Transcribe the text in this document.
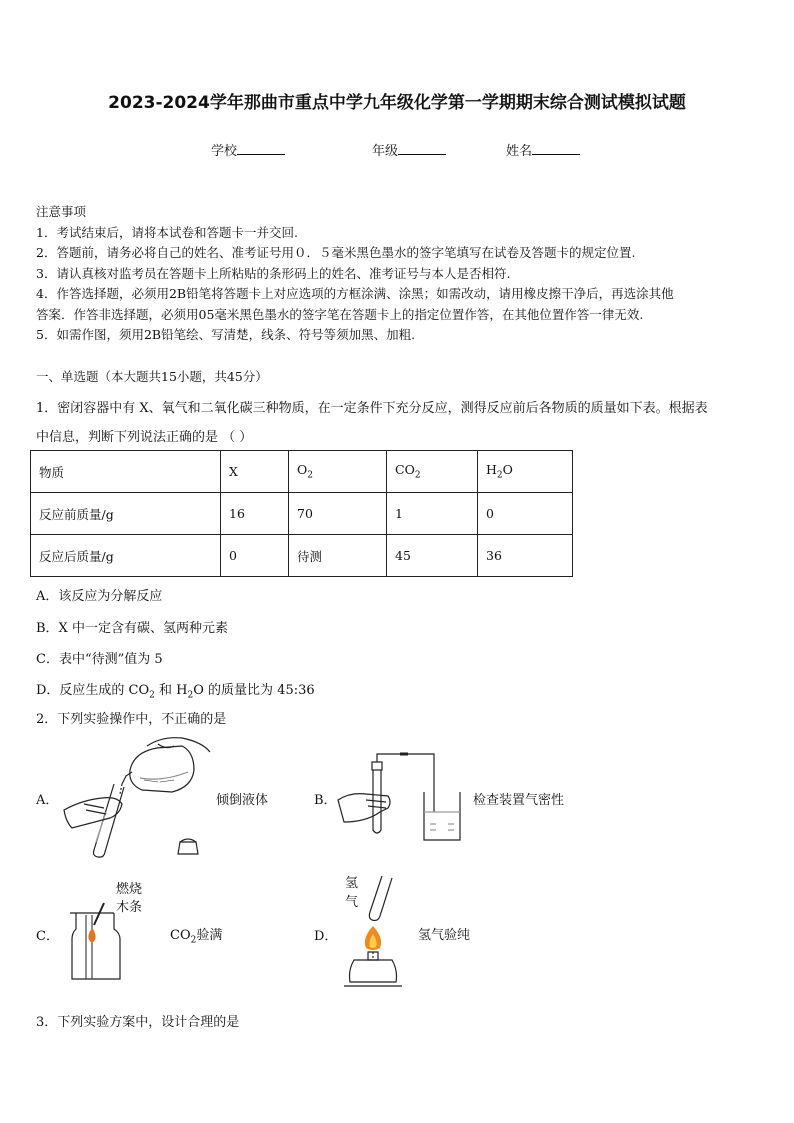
2023-2024学年那曲市重点中学九年级化学第一学期期末综合测试模拟试题
学校	年级	姓名
注意事项
1．考试结束后，请将本试卷和答题卡一并交回.
2．答题前，请务必将自己的姓名、准考证号用０．５毫米黑色墨水的签字笔填写在试卷及答题卡的规定位置.
3．请认真核对监考员在答题卡上所粘贴的条形码上的姓名、准考证号与本人是否相符.
4．作答选择题，必须用2B铅笔将答题卡上对应选项的方框涂满、涂黑；如需改动，请用橡皮擦干净后，再选涂其他
答案．作答非选择题，必须用05毫米黑色墨水的签字笔在答题卡上的指定位置作答，在其他位置作答一律无效.
5．如需作图，须用2B铅笔绘、写清楚，线条、符号等须加黑、加粗.
一、单选题（本大题共15小题，共45分）
1．密闭容器中有 X、氧气和二氧化碳三种物质，在一定条件下充分反应，测得反应前后各物质的质量如下表。根据表
中信息，判断下列说法正确的是 （ ）
物质	X	$O_2$	$CO_2$	$H_2O$
反应前质量/g	16	70	1	0
反应后质量/g	0	待测	45	36
A．该反应为分解反应
B．X 中一定含有碳、氢两种元素
C．表中“待测”值为 5
D．反应生成的 $CO_2$ 和 $H_2O$ 的质量比为 45:36
2．下列实验操作中，不正确的是
A．	倾倒液体	B．	检查装置气密性
C．
燃烧
木条
$CO_2$验满	D．
氢
气
氢气验纯
3．下列实验方案中，设计合理的是
